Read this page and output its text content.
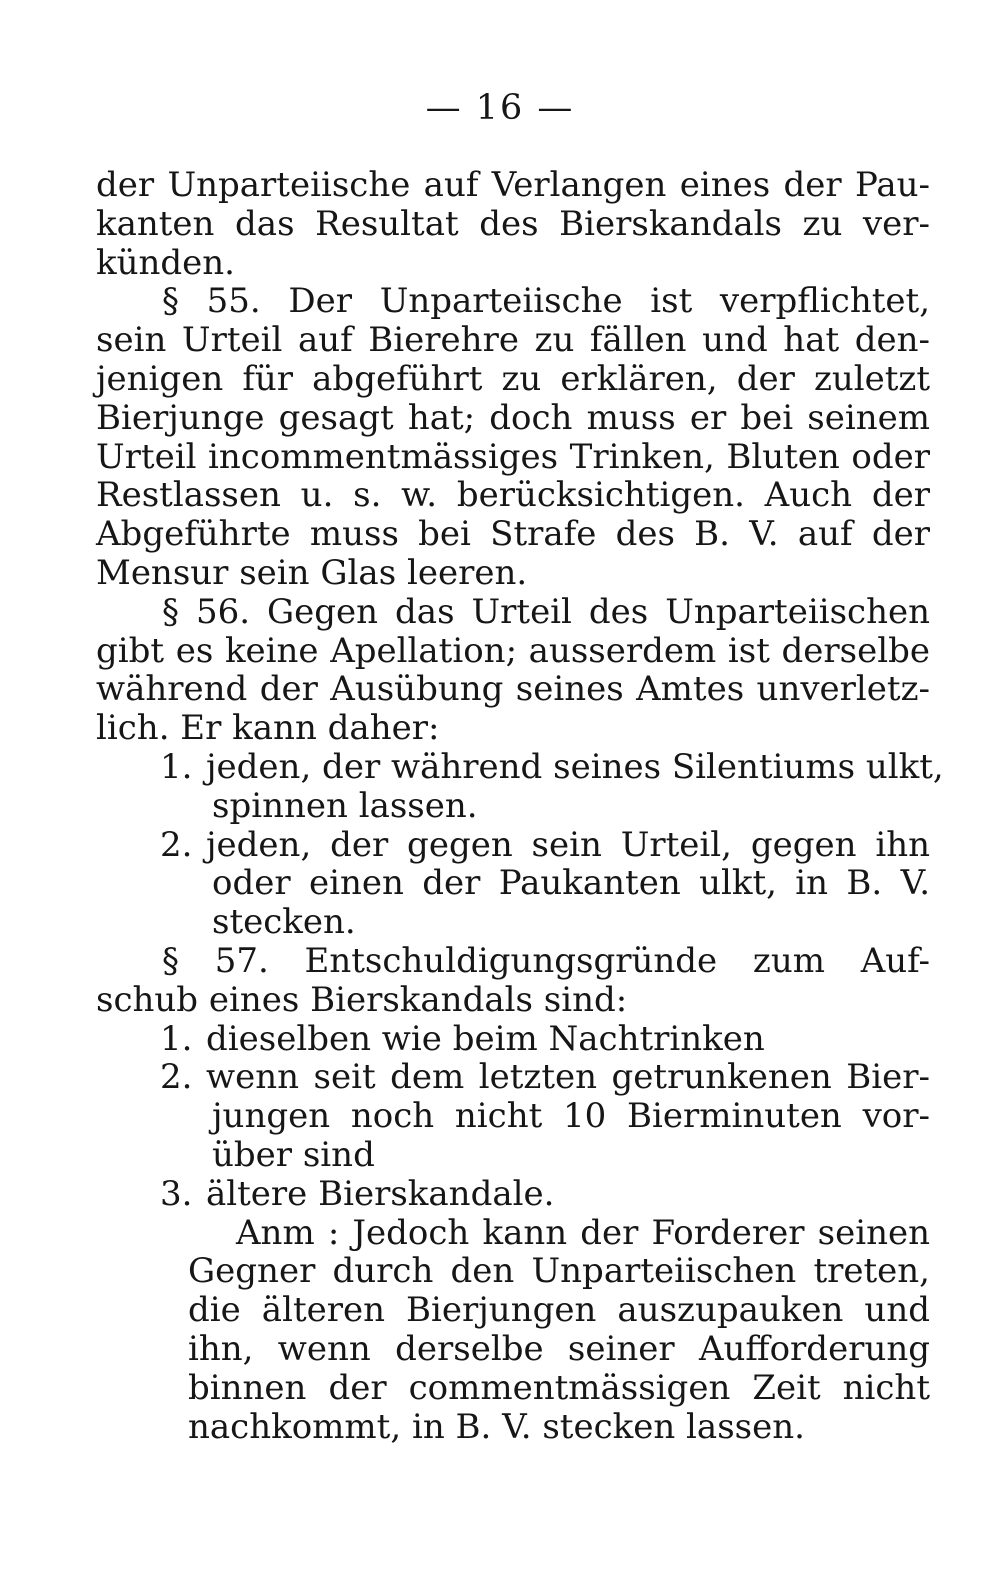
— 16 —
der Unparteiische auf Verlangen eines der Pau-
kanten das Resultat des Bierskandals zu ver-
künden.
§ 55. Der Unparteiische ist verpflichtet,
sein Urteil auf Bierehre zu fällen und hat den-
jenigen für abgeführt zu erklären, der zuletzt
Bierjunge gesagt hat; doch muss er bei seinem
Urteil incommentmässiges Trinken, Bluten oder
Restlassen u. s. w. berücksichtigen. Auch der
Abgeführte muss bei Strafe des B. V. auf der
Mensur sein Glas leeren.
§ 56. Gegen das Urteil des Unparteiischen
gibt es keine Apellation; ausserdem ist derselbe
während der Ausübung seines Amtes unverletz-
lich. Er kann daher:
1. jeden, der während seines Silentiums ulkt,
spinnen lassen.
2. jeden, der gegen sein Urteil, gegen ihn
oder einen der Paukanten ulkt, in B. V.
stecken.
§ 57. Entschuldigungsgründe zum Auf-
schub eines Bierskandals sind:
1. dieselben wie beim Nachtrinken
2. wenn seit dem letzten getrunkenen Bier-
jungen noch nicht 10 Bierminuten vor-
über sind
3. ältere Bierskandale.
Anm : Jedoch kann der Forderer seinen
Gegner durch den Unparteiischen treten,
die älteren Bierjungen auszupauken und
ihn, wenn derselbe seiner Aufforderung
binnen der commentmässigen Zeit nicht
nachkommt, in B. V. stecken lassen.
